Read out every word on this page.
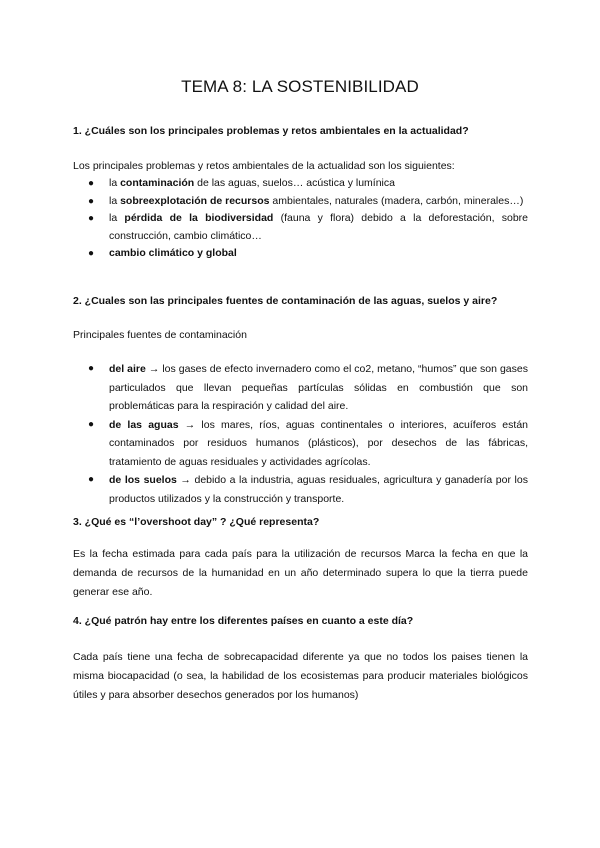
TEMA 8: LA SOSTENIBILIDAD
1. ¿Cuáles son los principales problemas y retos ambientales en la actualidad?
Los principales problemas y retos ambientales de la actualidad son los siguientes:
● la contaminación de las aguas, suelos… acústica y lumínica
● la sobreexplotación de recursos ambientales, naturales (madera, carbón, minerales…)
● la pérdida de la biodiversidad (fauna y flora) debido a la deforestación, sobre construcción, cambio climático…
● cambio climático y global
2. ¿Cuales son las principales fuentes de contaminación de las aguas, suelos y aire?
Principales fuentes de contaminación
● del aire → los gases de efecto invernadero como el co2, metano, “humos” que son gases particulados que llevan pequeñas partículas sólidas en combustión que son problemáticas para la respiración y calidad del aire.
● de las aguas → los mares, ríos, aguas continentales o interiores, acuíferos están contaminados por residuos humanos (plásticos), por desechos de las fábricas, tratamiento de aguas residuales y actividades agrícolas.
● de los suelos → debido a la industria, aguas residuales, agricultura y ganadería por los productos utilizados y la construcción y transporte.
3. ¿Qué es “l’overshoot day” ? ¿Qué representa?
Es la fecha estimada para cada país para la utilización de recursos Marca la fecha en que la demanda de recursos de la humanidad en un año determinado supera lo que la tierra puede generar ese año.
4. ¿Qué patrón hay entre los diferentes países en cuanto a este día?
Cada país tiene una fecha de sobrecapacidad diferente ya que no todos los paises tienen la misma biocapacidad (o sea, la habilidad de los ecosistemas para producir materiales biológicos útiles y para absorber desechos generados por los humanos)
